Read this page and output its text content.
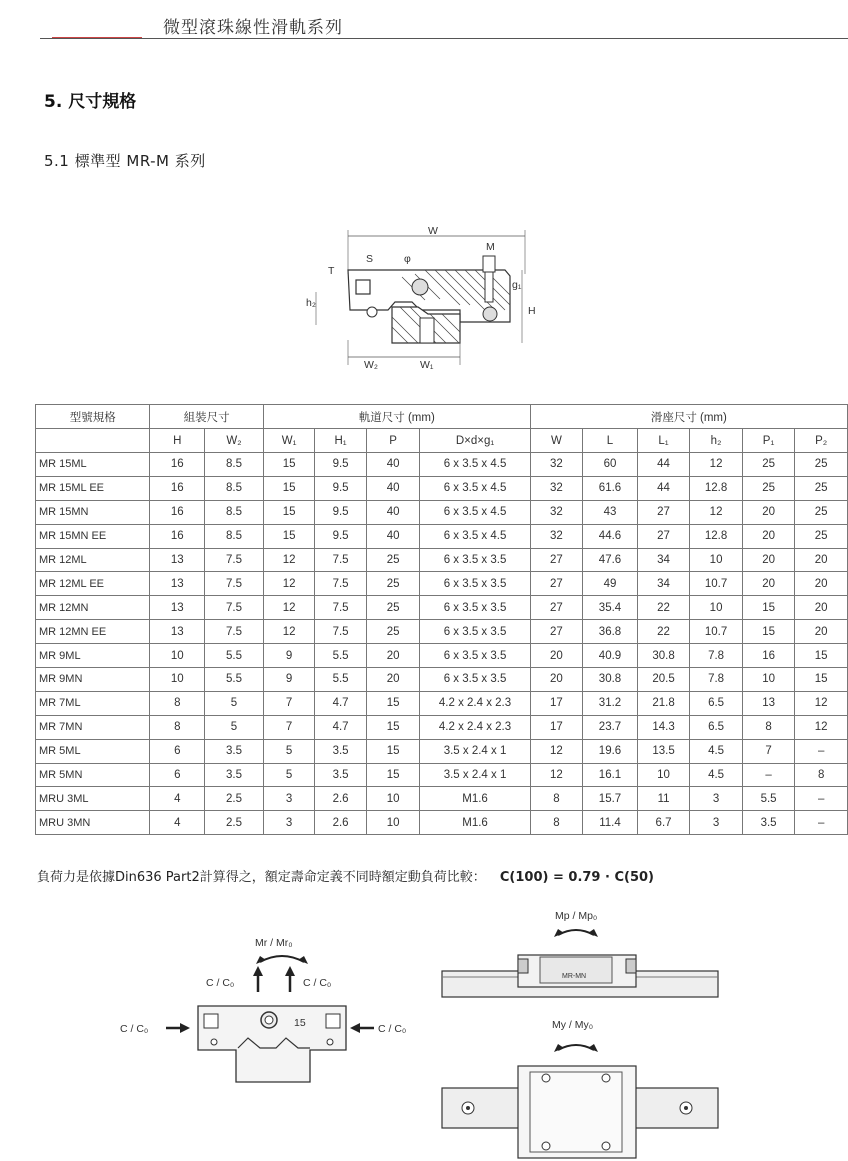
微型滾珠線性滑軌系列
5. 尺寸規格
5.1 標準型 MR-M 系列
W
M
S	φ
T
g₁
h₂
H
W₂	W₁
型號規格	組裝尺寸		軌道尺寸 (mm)				滑座尺寸 (mm)					
	H	W₂	W₁	H₁	P	D×d×g₁	W	L	L₁	h₂	P₁	P₂
MR 15ML	16	8.5	15	9.5	40	6 x 3.5 x 4.5	32	60	44	12	25	25
MR 15ML EE	16	8.5	15	9.5	40	6 x 3.5 x 4.5	32	61.6	44	12.8	25	25
MR 15MN	16	8.5	15	9.5	40	6 x 3.5 x 4.5	32	43	27	12	20	25
MR 15MN EE	16	8.5	15	9.5	40	6 x 3.5 x 4.5	32	44.6	27	12.8	20	25
MR 12ML	13	7.5	12	7.5	25	6 x 3.5 x 3.5	27	47.6	34	10	20	20
MR 12ML EE	13	7.5	12	7.5	25	6 x 3.5 x 3.5	27	49	34	10.7	20	20
MR 12MN	13	7.5	12	7.5	25	6 x 3.5 x 3.5	27	35.4	22	10	15	20
MR 12MN EE	13	7.5	12	7.5	25	6 x 3.5 x 3.5	27	36.8	22	10.7	15	20
MR 9ML	10	5.5	9	5.5	20	6 x 3.5 x 3.5	20	40.9	30.8	7.8	16	15
MR 9MN	10	5.5	9	5.5	20	6 x 3.5 x 3.5	20	30.8	20.5	7.8	10	15
MR 7ML	8	5	7	4.7	15	4.2 x 2.4 x 2.3	17	31.2	21.8	6.5	13	12
MR 7MN	8	5	7	4.7	15	4.2 x 2.4 x 2.3	17	23.7	14.3	6.5	8	12
MR 5ML	6	3.5	5	3.5	15	3.5 x 2.4 x 1	12	19.6	13.5	4.5	7	–
MR 5MN	6	3.5	5	3.5	15	3.5 x 2.4 x 1	12	16.1	10	4.5	–	8
MRU 3ML	4	2.5	3	2.6	10	M1.6	8	15.7	11	3	5.5	–
MRU 3MN	4	2.5	3	2.6	10	M1.6	8	11.4	6.7	3	3.5	–
負荷力是依據Din636 Part2計算得之，額定壽命定義不同時額定動負荷比較： C(100) = 0.79 · C(50)
Mr / Mr₀
C / C₀	C / C₀
C / C₀	C / C₀
15
Mp / Mp₀
MR-MN
My / My₀
